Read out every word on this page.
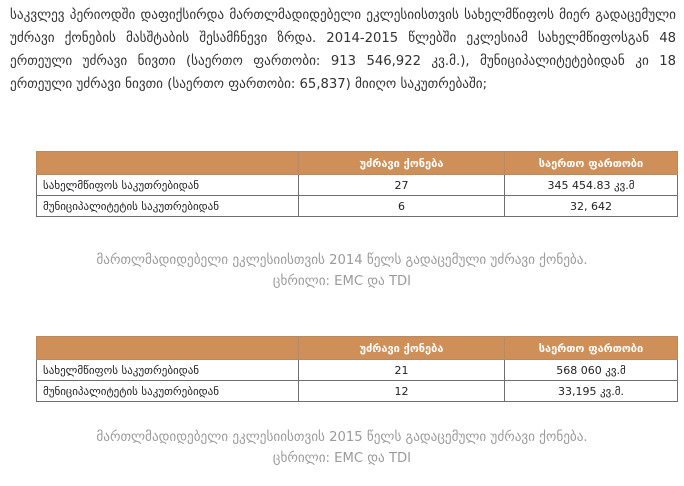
საკვლევ პერიოდში დაფიქსირდა მართლმადიდებელი ეკლესიისთვის სახელმწიფოს მიერ გადაცემული უძრავი ქონების მასშტაბის შესამჩნევი ზრდა. 2014-2015 წლებში ეკლესიამ სახელმწიფოსგან 48 ერთეული უძრავი ნივთი (საერთო ფართობი: 913 546,922 კვ.მ.), მუნიციპალიტეტებიდან კი 18 ერთეული უძრავი ნივთი (საერთო ფართობი: 65,837) მიიღო საკუთრებაში;

	უძრავი ქონება	საერთო ფართობი
სახელმწიფოს საკუთრებიდან	27	345 454.83 კვ.მ
მუნიციპალიტეტის საკუთრებიდან	6	32, 642
მართლმადიდებელი ეკლესიისთვის 2014 წელს გადაცემული უძრავი ქონება.
ცხრილი: EMC და TDI
	უძრავი ქონება	საერთო ფართობი
სახელმწიფოს საკუთრებიდან	21	568 060 კვ.მ
მუნიციპალიტეტის საკუთრებიდან	12	33,195 კვ.მ.
მართლმადიდებელი ეკლესიისთვის 2015 წელს გადაცემული უძრავი ქონება.
ცხრილი: EMC და TDI
